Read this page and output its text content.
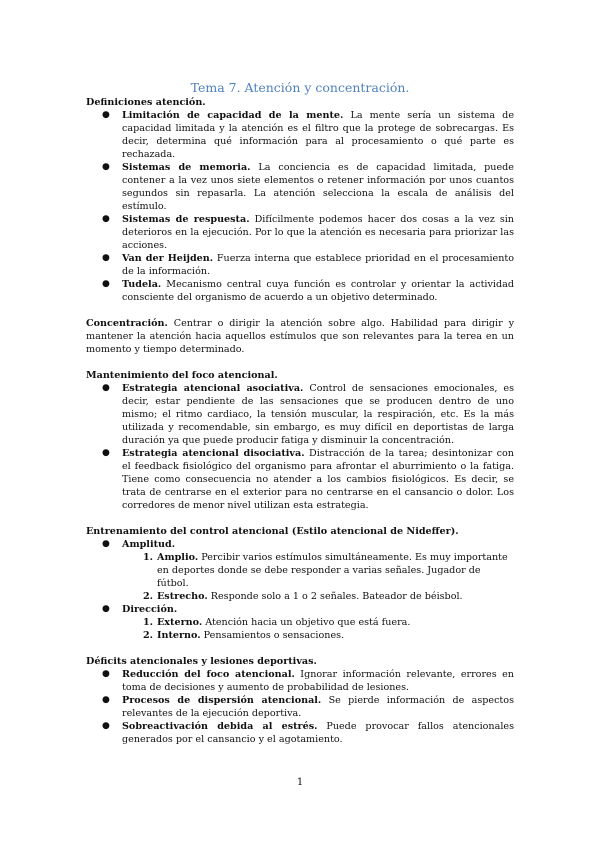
Tema 7. Atención y concentración.

Definiciones atención.

● Limitación de capacidad de la mente. La mente sería un sistema de capacidad limitada y la atención es el filtro que la protege de sobrecargas. Es decir, determina qué información para al procesamiento o qué parte es rechazada.
● Sistemas de memoria. La conciencia es de capacidad limitada, puede contener a la vez unos siete elementos o retener información por unos cuantos segundos sin repasarla. La atención selecciona la escala de análisis del estímulo.
● Sistemas de respuesta. Difícilmente podemos hacer dos cosas a la vez sin deterioros en la ejecución. Por lo que la atención es necesaria para priorizar las acciones.
● Van der Heijden. Fuerza interna que establece prioridad en el procesamiento de la información.
● Tudela. Mecanismo central cuya función es controlar y orientar la actividad consciente del organismo de acuerdo a un objetivo determinado.

Concentración. Centrar o dirigir la atención sobre algo. Habilidad para dirigir y mantener la atención hacia aquellos estímulos que son relevantes para la terea en un momento y tiempo determinado.

Mantenimiento del foco atencional.

● Estrategia atencional asociativa. Control de sensaciones emocionales, es decir, estar pendiente de las sensaciones que se producen dentro de uno mismo; el ritmo cardiaco, la tensión muscular, la respiración, etc. Es la más utilizada y recomendable, sin embargo, es muy difícil en deportistas de larga duración ya que puede producir fatiga y disminuir la concentración.
● Estrategia atencional disociativa. Distracción de la tarea; desintonizar con el feedback fisiológico del organismo para afrontar el aburrimiento o la fatiga. Tiene como consecuencia no atender a los cambios fisiológicos. Es decir, se trata de centrarse en el exterior para no centrarse en el cansancio o dolor. Los corredores de menor nivel utilizan esta estrategia.

Entrenamiento del control atencional (Estilo atencional de Nideffer).

● Amplitud.
1. Amplio. Percibir varios estímulos simultáneamente. Es muy importante en deportes donde se debe responder a varias señales. Jugador de fútbol.
2. Estrecho. Responde solo a 1 o 2 señales. Bateador de béisbol.
● Dirección.
1. Externo. Atención hacia un objetivo que está fuera.
2. Interno. Pensamientos o sensaciones.

Déficits atencionales y lesiones deportivas.

● Reducción del foco atencional. Ignorar información relevante, errores en toma de decisiones y aumento de probabilidad de lesiones.
● Procesos de dispersión atencional. Se pierde información de aspectos relevantes de la ejecución deportiva.
● Sobreactivación debida al estrés. Puede provocar fallos atencionales generados por el cansancio y el agotamiento.
1
